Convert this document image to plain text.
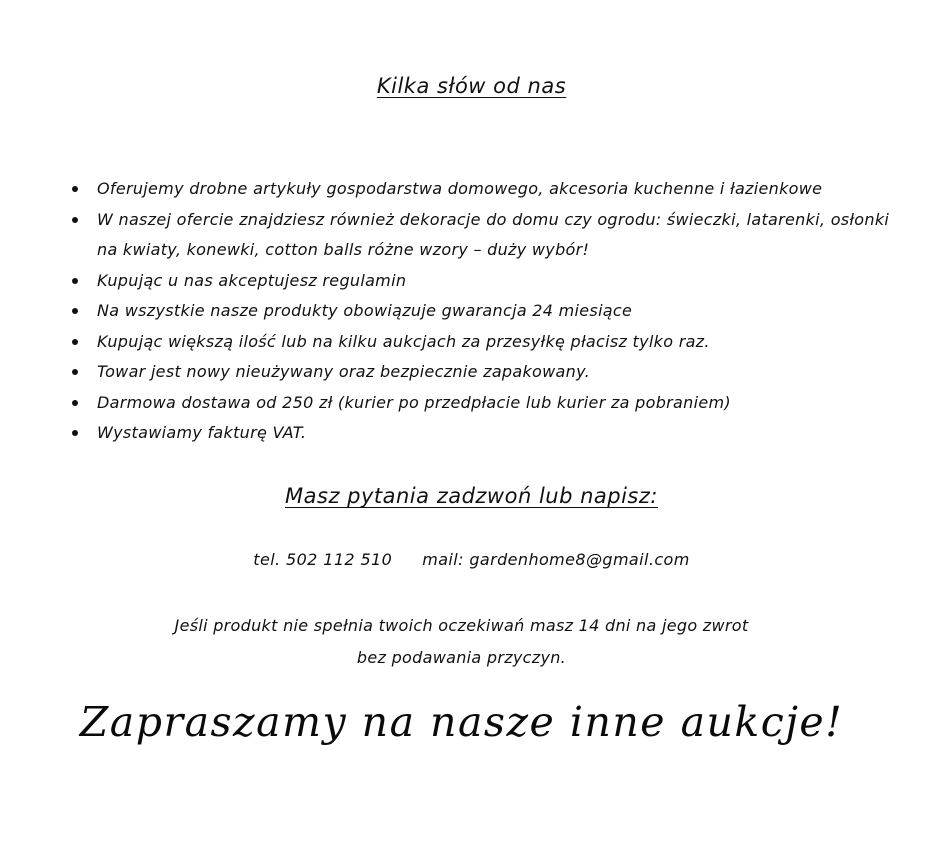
Kilka słów od nas
Oferujemy drobne artykuły gospodarstwa domowego, akcesoria kuchenne i łazienkowe
W naszej ofercie znajdziesz również dekoracje do domu czy ogrodu: świeczki, latarenki, osłonki na kwiaty, konewki, cotton balls różne wzory – duży wybór!
Kupując u nas akceptujesz regulamin
Na wszystkie nasze produkty obowiązuje gwarancja 24 miesiące
Kupując większą ilość lub na kilku aukcjach za przesyłkę płacisz tylko raz.
Towar jest nowy nieużywany oraz bezpiecznie zapakowany.
Darmowa dostawa od 250 zł (kurier po przedpłacie lub kurier za pobraniem)
Wystawiamy fakturę VAT.
Masz pytania zadzwoń lub napisz:
tel. 502 112 510 mail: gardenhome8@gmail.com
Jeśli produkt nie spełnia twoich oczekiwań masz 14 dni na jego zwrot
bez podawania przyczyn.
Zapraszamy na nasze inne aukcje!
